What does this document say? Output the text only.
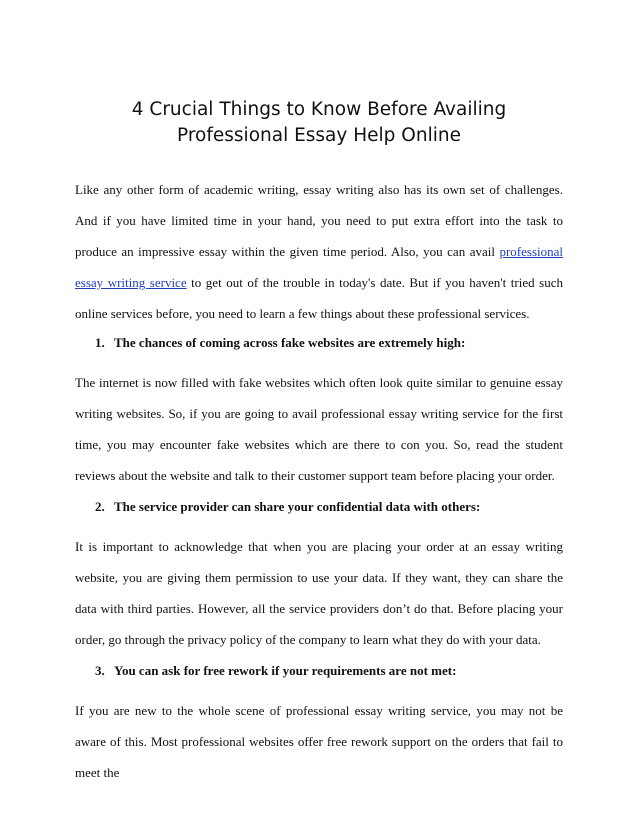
4 Crucial Things to Know Before Availing
Professional Essay Help Online

Like any other form of academic writing, essay writing also has its own set of challenges. And if you have limited time in your hand, you need to put extra effort into the task to produce an impressive essay within the given time period. Also, you can avail professional essay writing service to get out of the trouble in today's date. But if you haven't tried such online services before, you need to learn a few things about these professional services.

1. The chances of coming across fake websites are extremely high:

The internet is now filled with fake websites which often look quite similar to genuine essay writing websites. So, if you are going to avail professional essay writing service for the first time, you may encounter fake websites which are there to con you. So, read the student reviews about the website and talk to their customer support team before placing your order.

2. The service provider can share your confidential data with others:

It is important to acknowledge that when you are placing your order at an essay writing website, you are giving them permission to use your data. If they want, they can share the data with third parties. However, all the service providers don’t do that. Before placing your order, go through the privacy policy of the company to learn what they do with your data.

3. You can ask for free rework if your requirements are not met:

If you are new to the whole scene of professional essay writing service, you may not be aware of this. Most professional websites offer free rework support on the orders that fail to meet the
